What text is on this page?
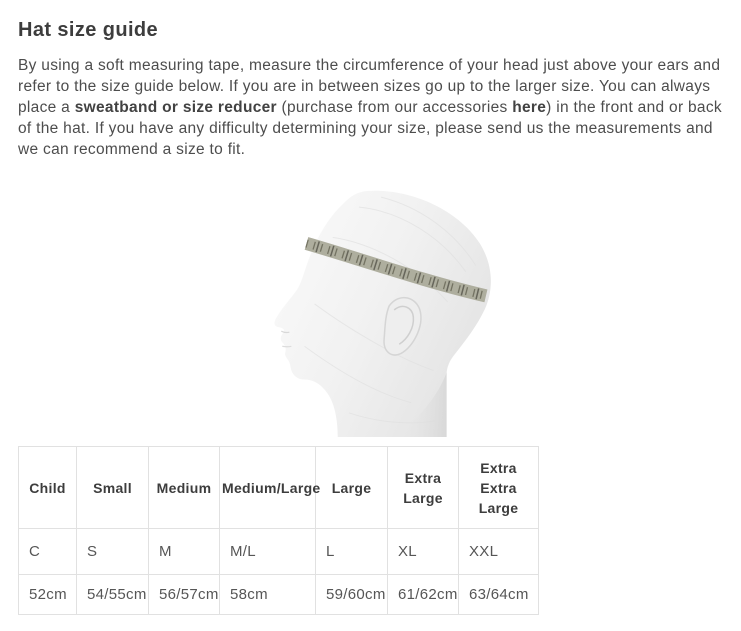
Hat size guide

By using a soft measuring tape, measure the circumference of your head just above your ears and refer to the size guide below. If you are in between sizes go up to the larger size. You can always place a sweatband or size reducer (purchase from our accessories here) in the front and or back of the hat. If you have any difficulty determining your size, please send us the measurements and we can recommend a size to fit.

Child	Small	Medium	Medium/Large	Large	Extra Large	Extra Extra Large
C	S	M	M/L	L	XL	XXL
52cm	54/55cm	56/57cm	58cm	59/60cm	61/62cm	63/64cm
